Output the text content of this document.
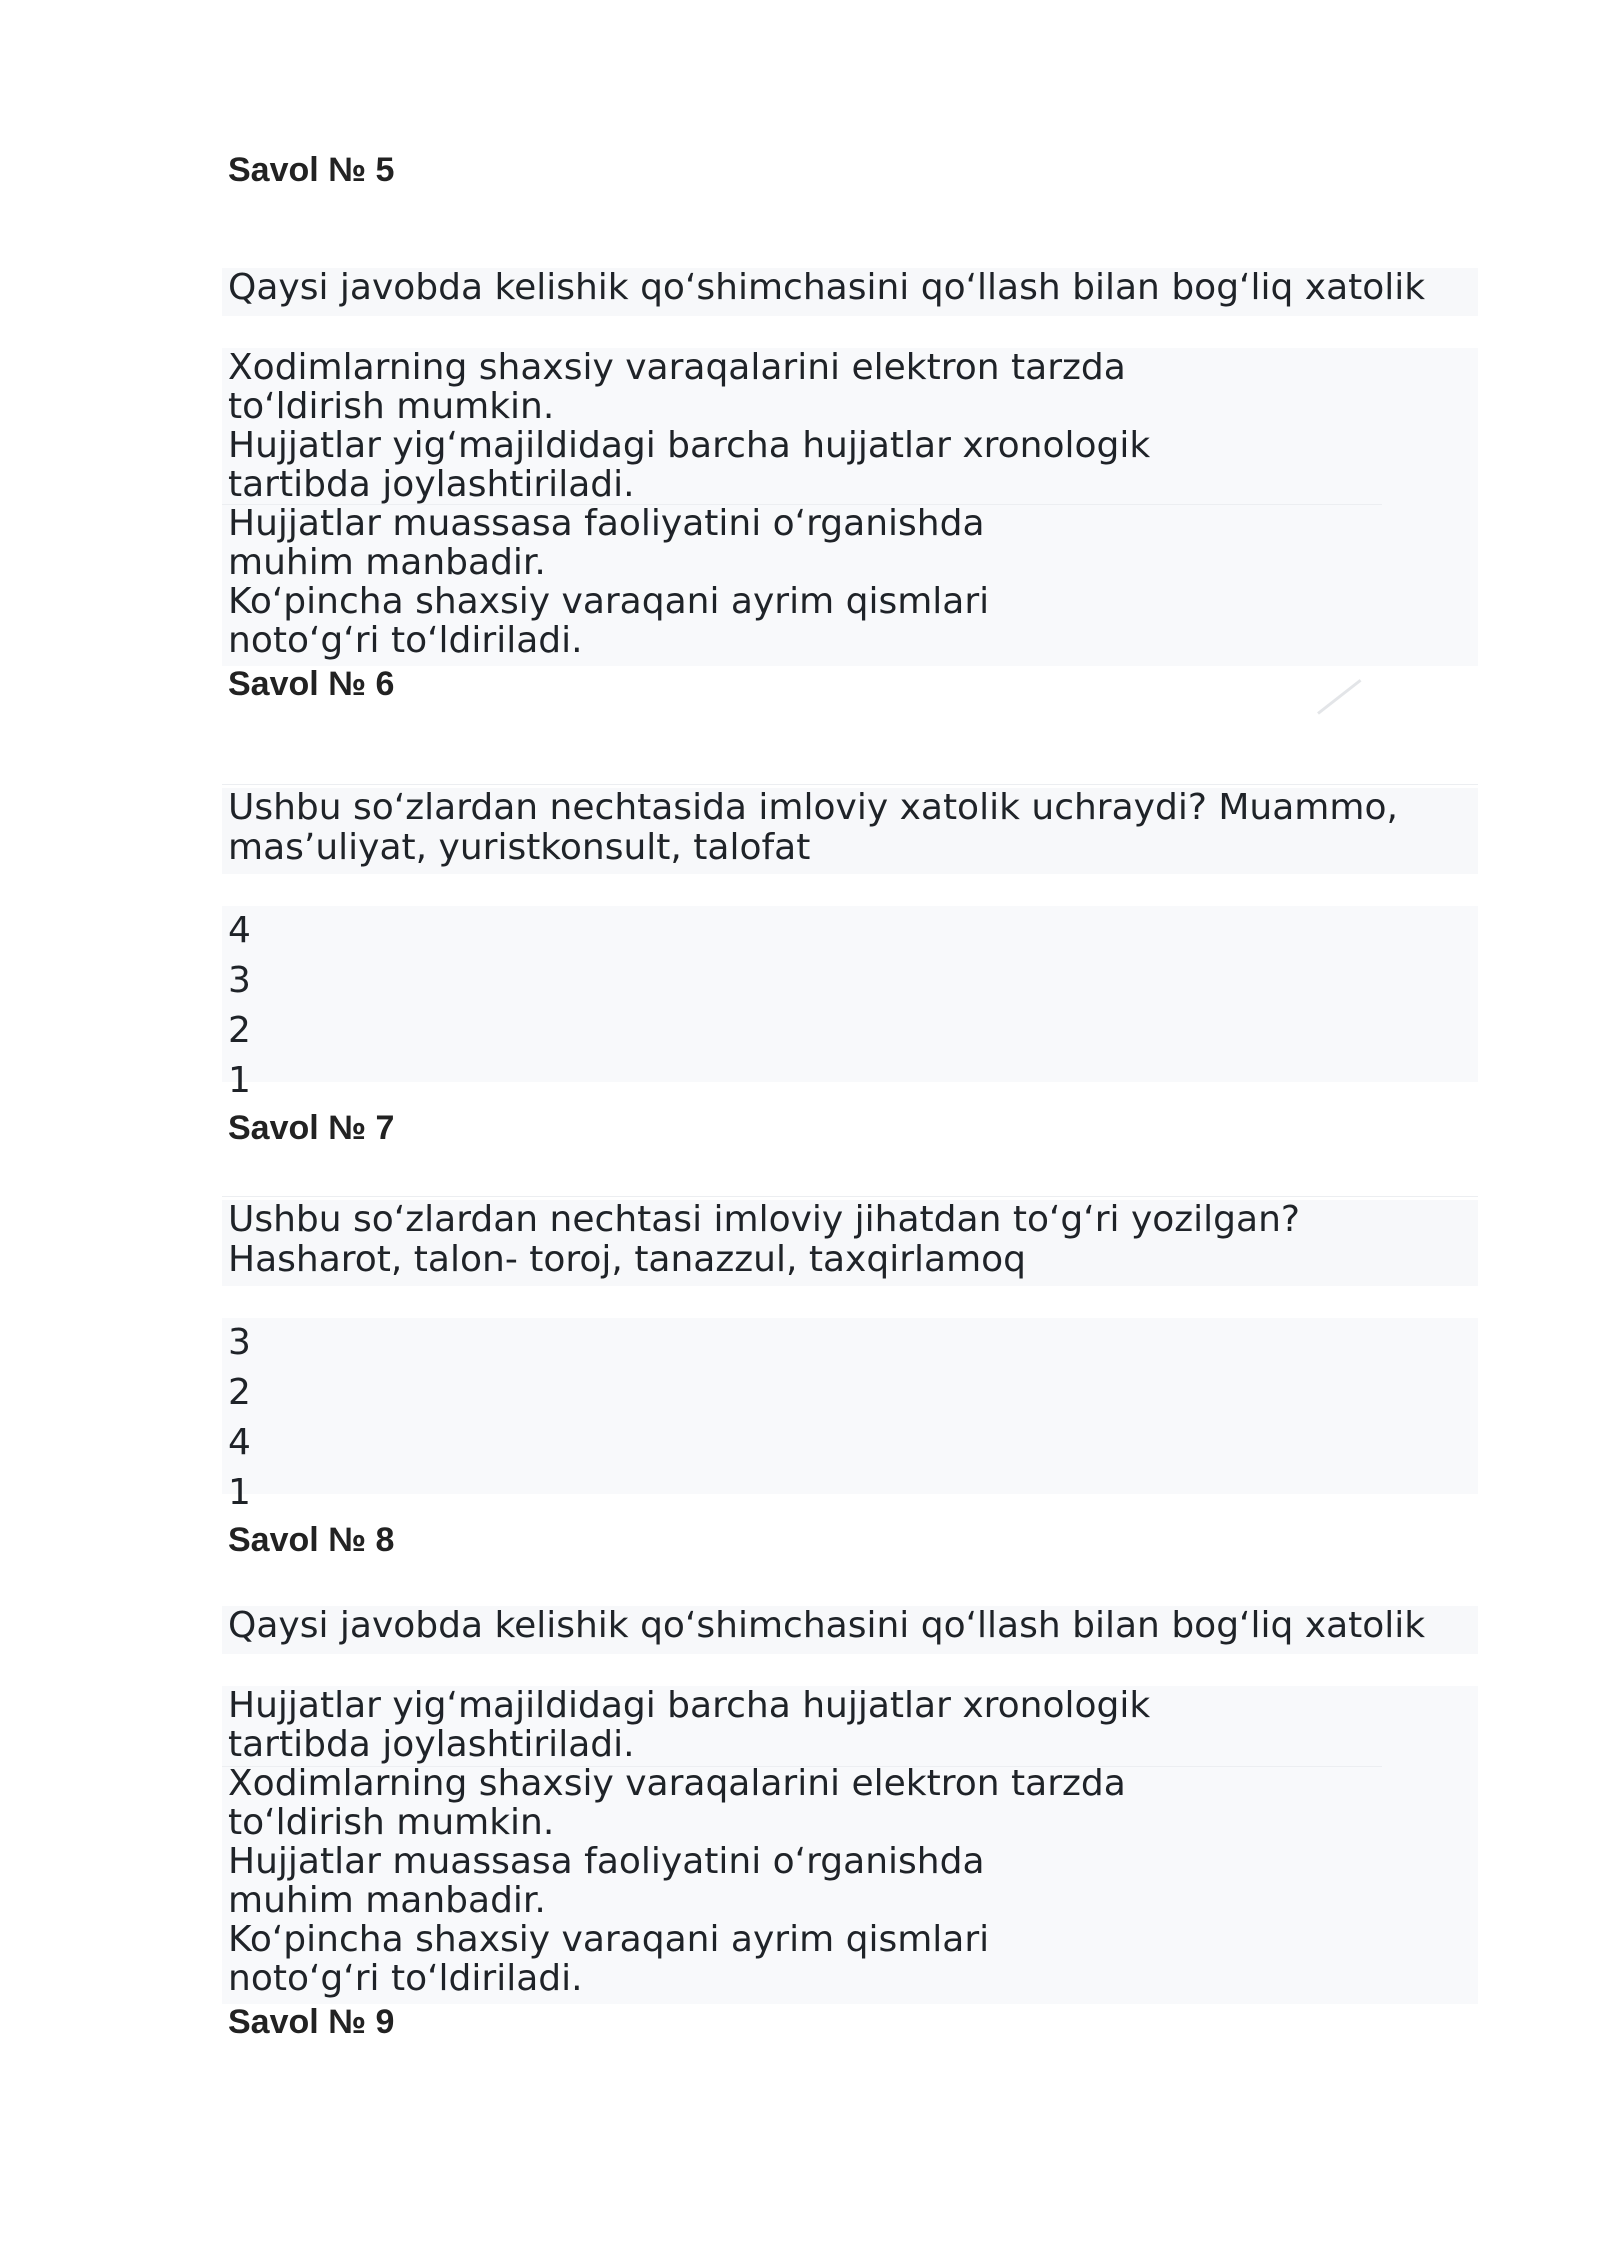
Savol № 5
Qaysi javobda kelishik qo‘shimchasini qo‘llash bilan bog‘liq xatolik
Xodimlarning shaxsiy varaqalarini elektron tarzda to‘ldirish mumkin.
Hujjatlar yig‘majildidagi barcha hujjatlar xronologik tartibda joylashtiriladi.
Hujjatlar muassasa faoliyatini o‘rganishda muhim manbadir.
Ko‘pincha shaxsiy varaqani ayrim qismlari noto‘g‘ri to‘ldiriladi.
Savol № 6
Ushbu so‘zlardan nechtasida imloviy xatolik uchraydi? Muammo, mas’uliyat, yuristkonsult, talofat
4
3
2
1
Savol № 7
Ushbu so‘zlardan nechtasi imloviy jihatdan to‘g‘ri yozilgan? Hasharot, talon- toroj, tanazzul, taxqirlamoq
3
2
4
1
Savol № 8
Qaysi javobda kelishik qo‘shimchasini qo‘llash bilan bog‘liq xatolik
Hujjatlar yig‘majildidagi barcha hujjatlar xronologik tartibda joylashtiriladi.
Xodimlarning shaxsiy varaqalarini elektron tarzda to‘ldirish mumkin.
Hujjatlar muassasa faoliyatini o‘rganishda muhim manbadir.
Ko‘pincha shaxsiy varaqani ayrim qismlari noto‘g‘ri to‘ldiriladi.
Savol № 9
